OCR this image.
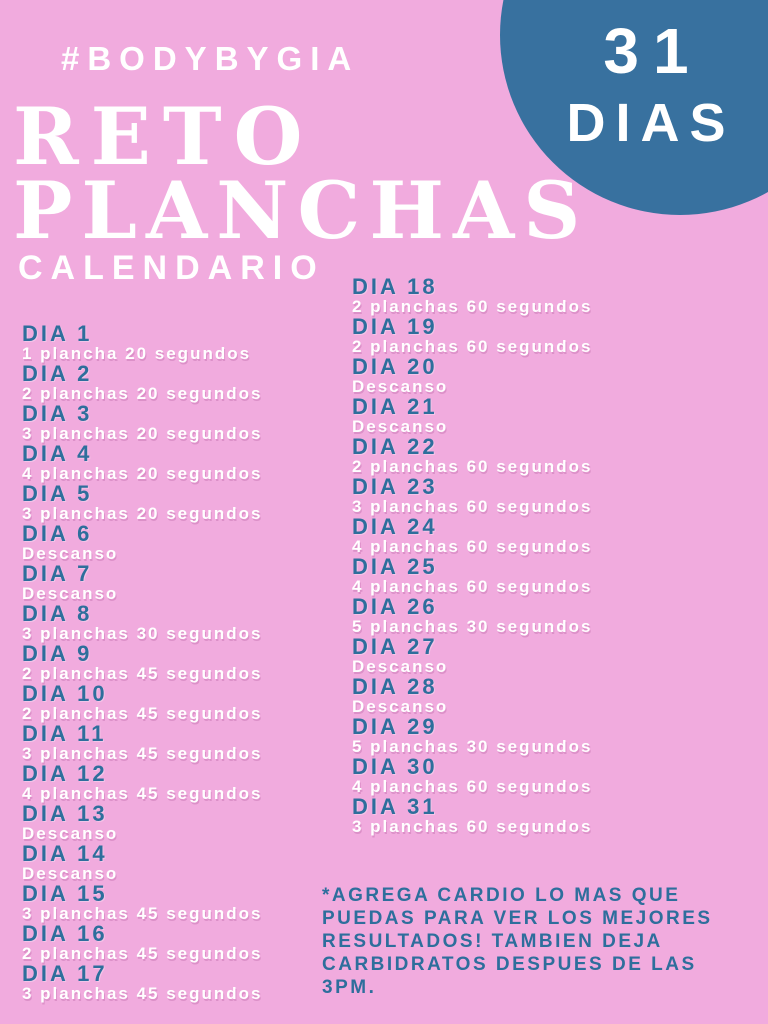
#BODYBYGIA	31
DIAS
RETO
PLANCHAS
CALENDARIO
DIA 1
1 plancha 20 segundos
DIA 2
2 planchas 20 segundos
DIA 3
3 planchas 20 segundos
DIA 4
4 planchas 20 segundos
DIA 5
3 planchas 20 segundos
DIA 6
Descanso
DIA 7
Descanso
DIA 8
3 planchas 30 segundos
DIA 9
2 planchas 45 segundos
DIA 10
2 planchas 45 segundos
DIA 11
3 planchas 45 segundos
DIA 12
4 planchas 45 segundos
DIA 13
Descanso
DIA 14
Descanso
DIA 15
3 planchas 45 segundos
DIA 16
2 planchas 45 segundos
DIA 17
3 planchas 45 segundos
DIA 18
2 planchas 60 segundos
DIA 19
2 planchas 60 segundos
DIA 20
Descanso
DIA 21
Descanso
DIA 22
2 planchas 60 segundos
DIA 23
3 planchas 60 segundos
DIA 24
4 planchas 60 segundos
DIA 25
4 planchas 60 segundos
DIA 26
5 planchas 30 segundos
DIA 27
Descanso
DIA 28
Descanso
DIA 29
5 planchas 30 segundos
DIA 30
4 planchas 60 segundos
DIA 31
3 planchas 60 segundos
*AGREGA CARDIO LO MAS QUE
PUEDAS PARA VER LOS MEJORES
RESULTADOS! TAMBIEN DEJA
CARBIDRATOS DESPUES DE LAS
3PM.
